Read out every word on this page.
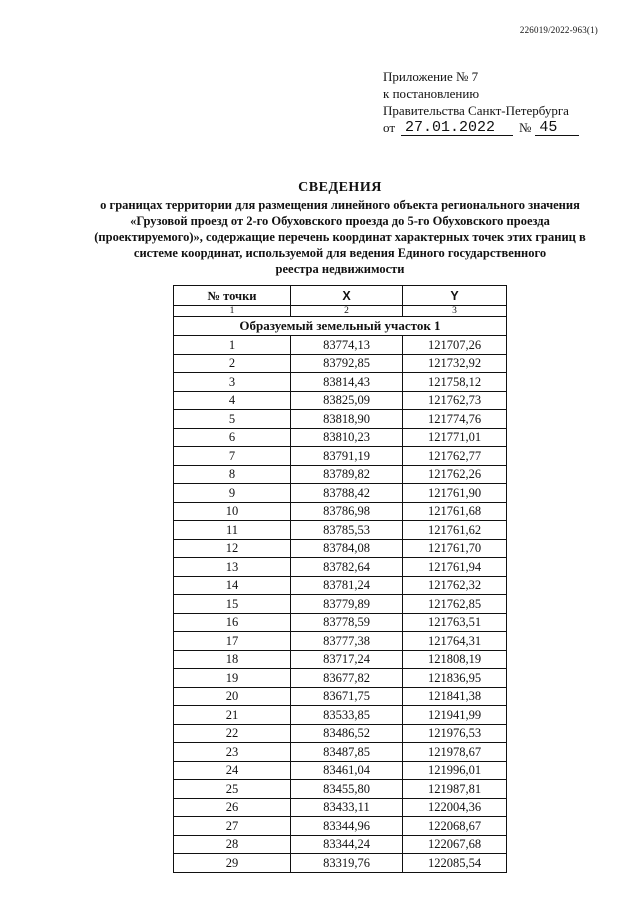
226019/2022-963(1)
Приложение № 7
к постановлению
Правительства Санкт-Петербурга
от 27.01.2022	№ 45
СВЕДЕНИЯ
о границах территории для размещения линейного объекта регионального значения
«Грузовой проезд от 2-го Обуховского проезда до 5-го Обуховского проезда
(проектируемого)», содержащие перечень координат характерных точек этих границ в
системе координат, используемой для ведения Единого государственного
реестра недвижимости
№ точки	X	Y
1	2	3
Образуемый земельный участок 1		
1	83774,13	121707,26
2	83792,85	121732,92
3	83814,43	121758,12
4	83825,09	121762,73
5	83818,90	121774,76
6	83810,23	121771,01
7	83791,19	121762,77
8	83789,82	121762,26
9	83788,42	121761,90
10	83786,98	121761,68
11	83785,53	121761,62
12	83784,08	121761,70
13	83782,64	121761,94
14	83781,24	121762,32
15	83779,89	121762,85
16	83778,59	121763,51
17	83777,38	121764,31
18	83717,24	121808,19
19	83677,82	121836,95
20	83671,75	121841,38
21	83533,85	121941,99
22	83486,52	121976,53
23	83487,85	121978,67
24	83461,04	121996,01
25	83455,80	121987,81
26	83433,11	122004,36
27	83344,96	122068,67
28	83344,24	122067,68
29	83319,76	122085,54
